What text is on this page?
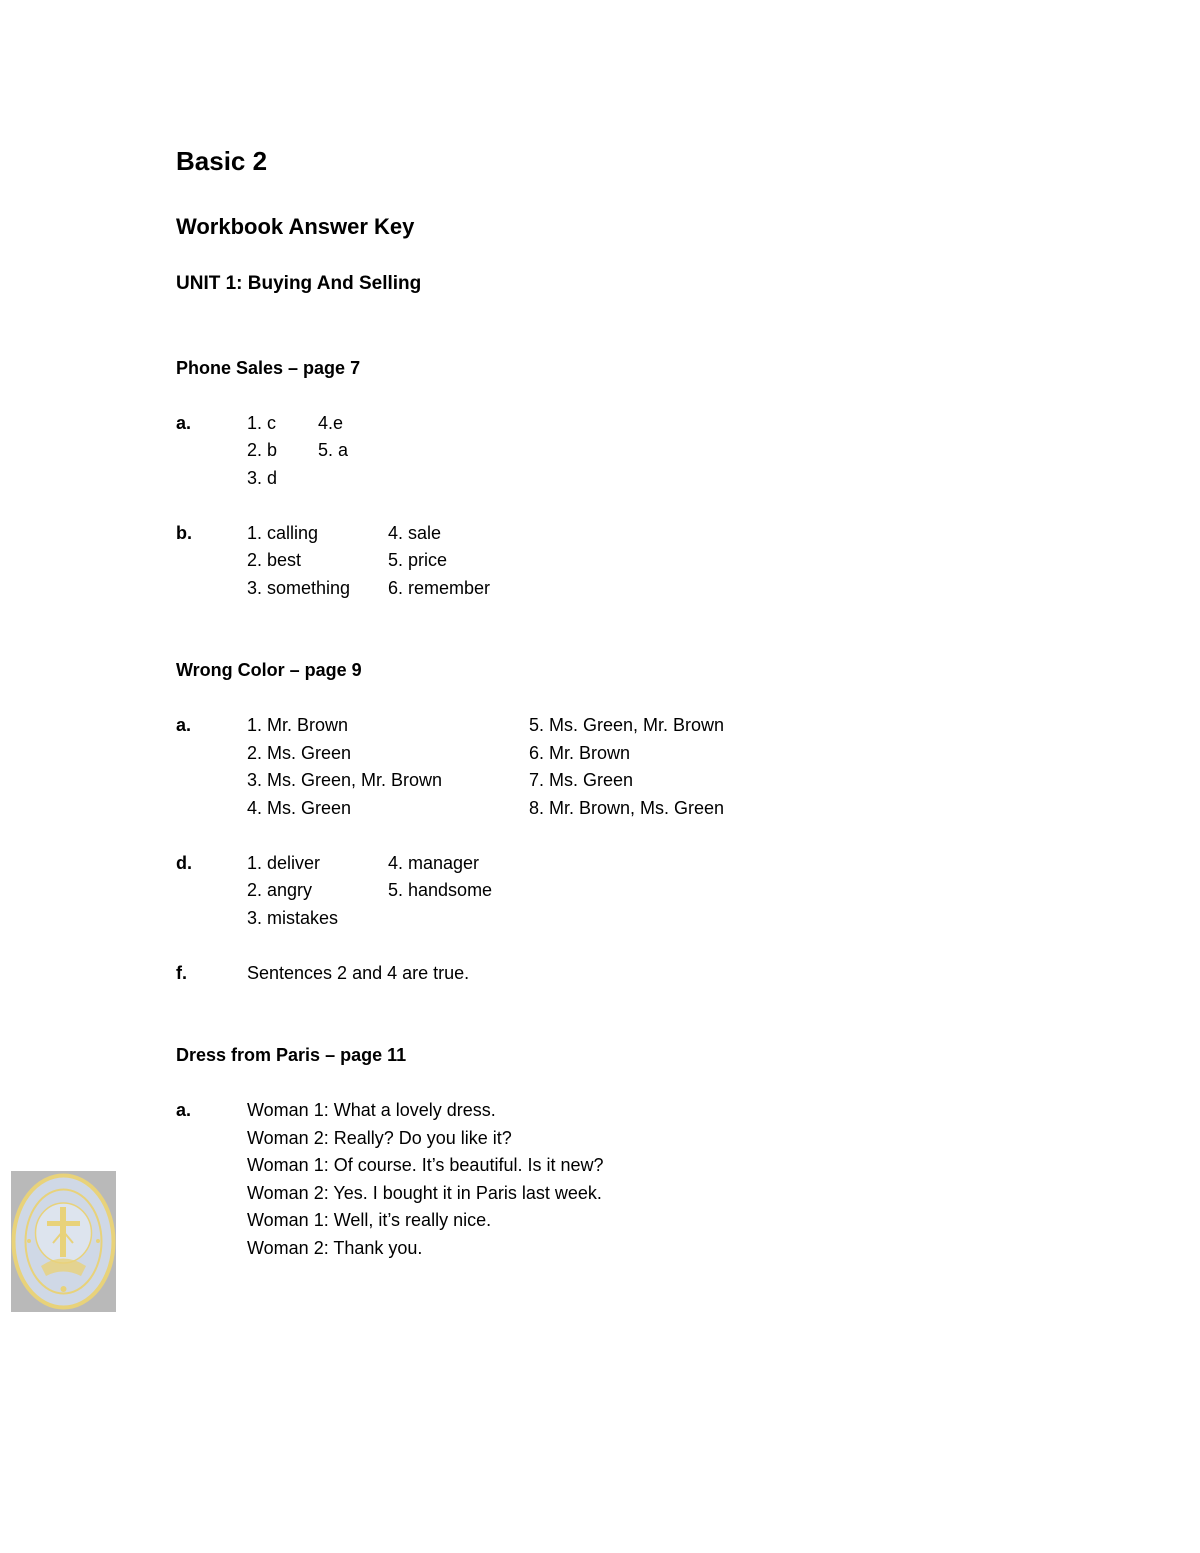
Basic 2
Workbook Answer Key
UNIT 1: Buying And Selling
Phone Sales – page 7
a.	1. c
2. b
3. d
4.e
5. a
b.	1. calling
2. best
3. something
4. sale
5. price
6. remember
Wrong Color – page 9
a.	1. Mr. Brown
2. Ms. Green
3. Ms. Green, Mr. Brown
4. Ms. Green
5. Ms. Green, Mr. Brown
6. Mr. Brown
7. Ms. Green
8. Mr. Brown, Ms. Green
d.	1. deliver
2. angry
3. mistakes
4. manager
5. handsome
f.	Sentences 2 and 4 are true.
Dress from Paris – page 11
a.	Woman 1: What a lovely dress.
Woman 2: Really? Do you like it?
Woman 1: Of course. It’s beautiful. Is it new?
Woman 2: Yes. I bought it in Paris last week.
Woman 1: Well, it’s really nice.
Woman 2: Thank you.
